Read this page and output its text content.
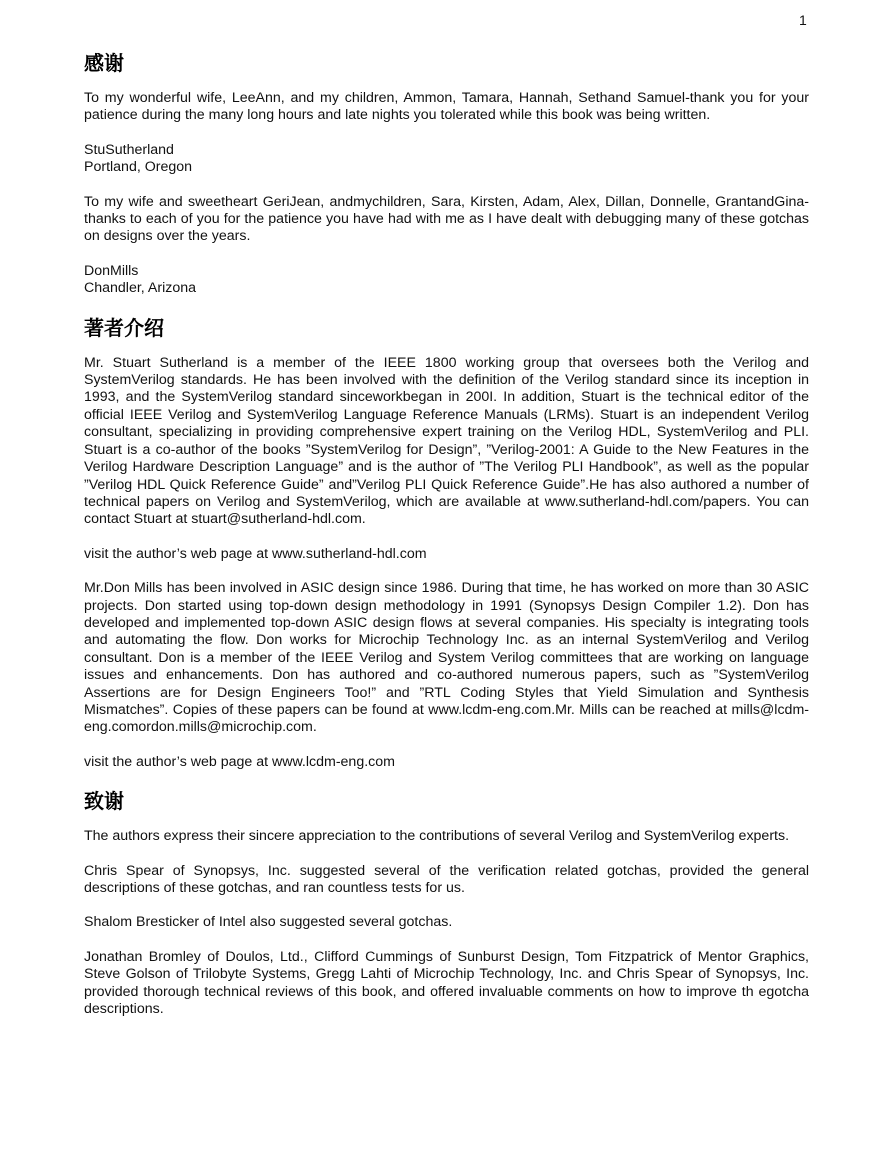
1
感谢

To my wonderful wife, LeeAnn, and my children, Ammon, Tamara, Hannah, Sethand Samuel-thank you for your patience during the many long hours and late nights you tolerated while this book was being written.

StuSutherland
Portland, Oregon

To my wife and sweetheart GeriJean, andmychildren, Sara, Kirsten, Adam, Alex, Dillan, Donnelle, GrantandGina-thanks to each of you for the patience you have had with me as I have dealt with debugging many of these gotchas on designs over the years.

DonMills
Chandler, Arizona
著者介绍

Mr. Stuart Sutherland is a member of the IEEE 1800 working group that oversees both the Verilog and SystemVerilog standards. He has been involved with the definition of the Verilog standard since its inception in 1993, and the SystemVerilog standard sinceworkbegan in 200I. In addition, Stuart is the technical editor of the official IEEE Verilog and SystemVerilog Language Reference Manuals (LRMs). Stuart is an independent Verilog consultant, specializing in providing comprehensive expert training on the Verilog HDL, SystemVerilog and PLI. Stuart is a co-author of the books ”SystemVerilog for Design”, ”Verilog-2001: A Guide to the New Features in the Verilog Hardware Description Language” and is the author of ”The Verilog PLI Handbook”, as well as the popular ”Verilog HDL Quick Reference Guide” and”Verilog PLI Quick Reference Guide”.He has also authored a number of technical papers on Verilog and SystemVerilog, which are available at www.sutherland-hdl.com/papers. You can contact Stuart at stuart@sutherland-hdl.com.

visit the author’s web page at www.sutherland-hdl.com

Mr.Don Mills has been involved in ASIC design since 1986. During that time, he has worked on more than 30 ASIC projects. Don started using top-down design methodology in 1991 (Synopsys Design Compiler 1.2). Don has developed and implemented top-down ASIC design flows at several companies. His specialty is integrating tools and automating the flow. Don works for Microchip Technology Inc. as an internal SystemVerilog and Verilog consultant. Don is a member of the IEEE Verilog and System Verilog committees that are working on language issues and enhancements. Don has authored and co-authored numerous papers, such as ”SystemVerilog Assertions are for Design Engineers Too!” and ”RTL Coding Styles that Yield Simulation and Synthesis Mismatches”. Copies of these papers can be found at www.lcdm-eng.com.Mr. Mills can be reached at mills@lcdm-eng.comordon.mills@microchip.com.

visit the author’s web page at www.lcdm-eng.com

致谢

The authors express their sincere appreciation to the contributions of several Verilog and SystemVerilog experts.

Chris Spear of Synopsys, Inc. suggested several of the verification related gotchas, provided the general descriptions of these gotchas, and ran countless tests for us.

Shalom Bresticker of Intel also suggested several gotchas.

Jonathan Bromley of Doulos, Ltd., Clifford Cummings of Sunburst Design, Tom Fitzpatrick of Mentor Graphics, Steve Golson of Trilobyte Systems, Gregg Lahti of Microchip Technology, Inc. and Chris Spear of Synopsys, Inc. provided thorough technical reviews of this book, and offered invaluable comments on how to improve th egotcha descriptions.
